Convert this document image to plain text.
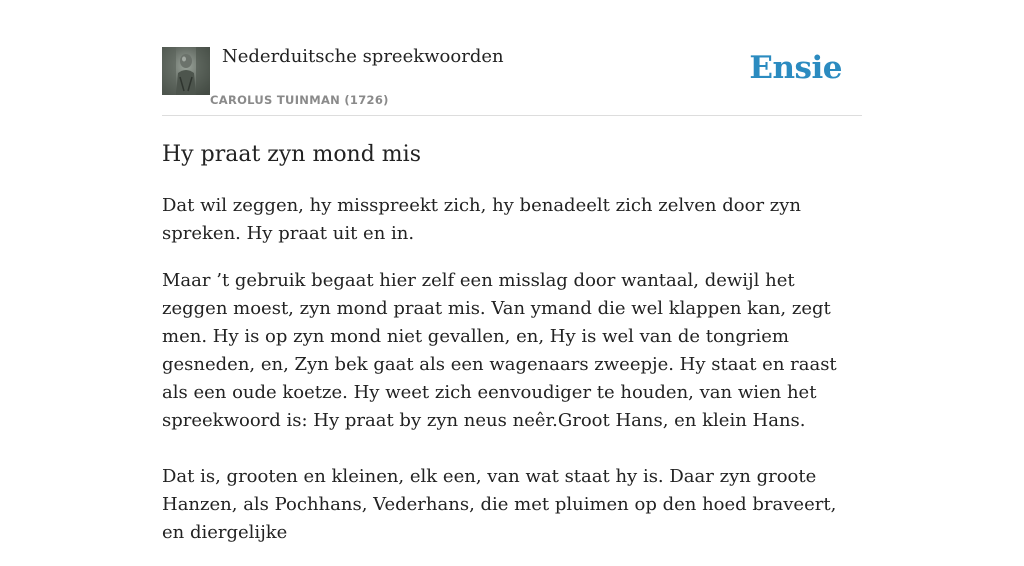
Nederduitsche spreekwoorden
CAROLUS TUINMAN (1726)
Ensie
Hy praat zyn mond mis

Dat wil zeggen, hy misspreekt zich, hy benadeelt zich zelven door zyn spreken. Hy praat uit en in.

Maar ’t gebruik begaat hier zelf een misslag door wantaal, dewijl het zeggen moest, zyn mond praat mis. Van ymand die wel klappen kan, zegt men. Hy is op zyn mond niet gevallen, en, Hy is wel van de tongriem gesneden, en, Zyn bek gaat als een wagenaars zweepje. Hy staat en raast als een oude koetze. Hy weet zich eenvoudiger te houden, van wien het spreekwoord is: Hy praat by zyn neus neêr.Groot Hans, en klein Hans.

Dat is, grooten en kleinen, elk een, van wat staat hy is. Daar zyn groote Hanzen, als Pochhans, Vederhans, die met pluimen op den hoed braveert, en diergelijke
